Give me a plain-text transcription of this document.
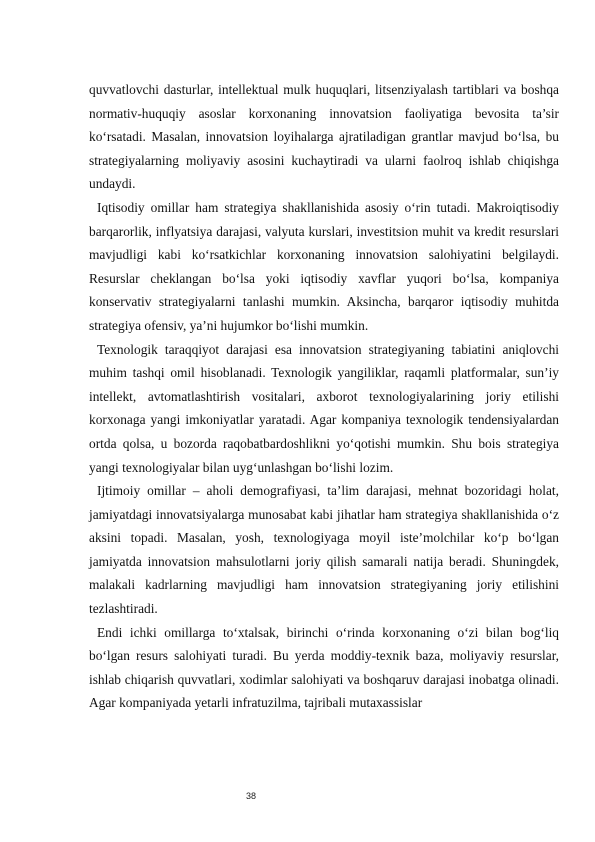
quvvatlovchi dasturlar, intellektual mulk huquqlari, litsenziyalash tartiblari va boshqa normativ-huquqiy asoslar korxonaning innovatsion faoliyatiga bevosita ta’sir ko‘rsatadi. Masalan, innovatsion loyihalarga ajratiladigan grantlar mavjud bo‘lsa, bu strategiyalarning moliyaviy asosini kuchaytiradi va ularni faolroq ishlab chiqishga undaydi.

Iqtisodiy omillar ham strategiya shakllanishida asosiy o‘rin tutadi. Makroiqtisodiy barqarorlik, inflyatsiya darajasi, valyuta kurslari, investitsion muhit va kredit resurslari mavjudligi kabi ko‘rsatkichlar korxonaning innovatsion salohiyatini belgilaydi. Resurslar cheklangan bo‘lsa yoki iqtisodiy xavflar yuqori bo‘lsa, kompaniya konservativ strategiyalarni tanlashi mumkin. Aksincha, barqaror iqtisodiy muhitda strategiya ofensiv, ya’ni hujumkor bo‘lishi mumkin.

Texnologik taraqqiyot darajasi esa innovatsion strategiyaning tabiatini aniqlovchi muhim tashqi omil hisoblanadi. Texnologik yangiliklar, raqamli platformalar, sun’iy intellekt, avtomatlashtirish vositalari, axborot texnologiyalarining joriy etilishi korxonaga yangi imkoniyatlar yaratadi. Agar kompaniya texnologik tendensiyalardan ortda qolsa, u bozorda raqobatbardoshlikni yo‘qotishi mumkin. Shu bois strategiya yangi texnologiyalar bilan uyg‘unlashgan bo‘lishi lozim.

Ijtimoiy omillar – aholi demografiyasi, ta’lim darajasi, mehnat bozoridagi holat, jamiyatdagi innovatsiyalarga munosabat kabi jihatlar ham strategiya shakllanishida o‘z aksini topadi. Masalan, yosh, texnologiyaga moyil iste’molchilar ko‘p bo‘lgan jamiyatda innovatsion mahsulotlarni joriy qilish samarali natija beradi. Shuningdek, malakali kadrlarning mavjudligi ham innovatsion strategiyaning joriy etilishini tezlashtiradi.

Endi ichki omillarga to‘xtalsak, birinchi o‘rinda korxonaning o‘zi bilan bog‘liq bo‘lgan resurs salohiyati turadi. Bu yerda moddiy-texnik baza, moliyaviy resurslar, ishlab chiqarish quvvatlari, xodimlar salohiyati va boshqaruv darajasi inobatga olinadi. Agar kompaniyada yetarli infratuzilma, tajribali mutaxassislar

38
